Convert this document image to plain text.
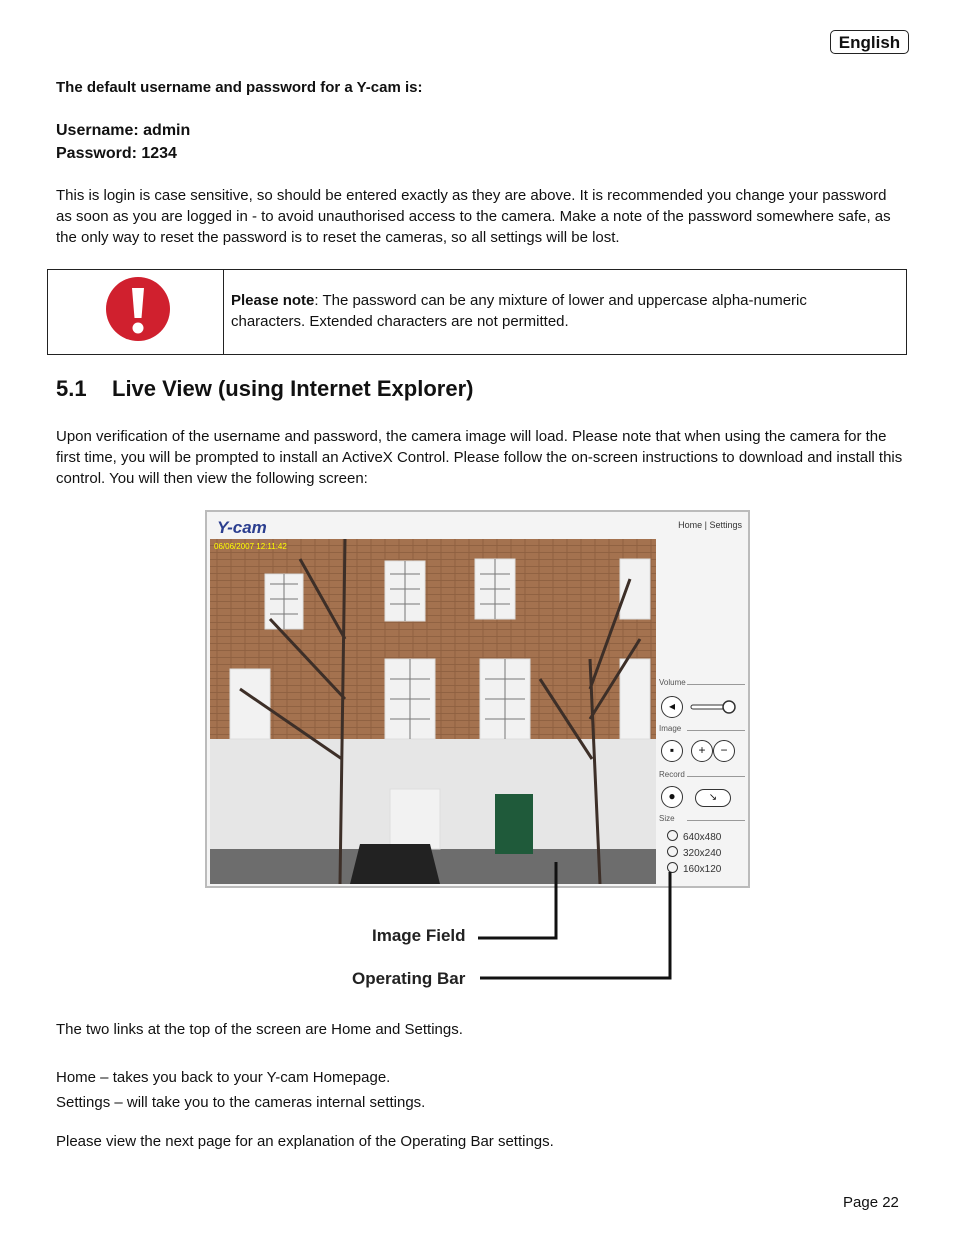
English
The default username and password for a Y-cam is:
Username: admin
Password: 1234
This is login is case sensitive, so should be entered exactly as they are above. It is recommended you change your password as soon as you are logged in - to avoid unauthorised access to the camera. Make a note of the password somewhere safe, as the only way to reset the password is to reset the cameras, so all settings will be lost.
Please note: The password can be any mixture of lower and uppercase alpha-numeric characters. Extended characters are not permitted.
5.1 Live View (using Internet Explorer)
Upon verification of the username and password, the camera image will load. Please note that when using the camera for the first time, you will be prompted to install an ActiveX Control. Please follow the on-screen instructions to download and install this control. You will then view the following screen:
Y-cam	Home | Settings
06/06/2007 12:11:42
Volume
◂
Image
▪	+	−
Record
●	↘
Size
640x480
320x240
160x120
Image Field
Operating Bar
The two links at the top of the screen are Home and Settings.
Home – takes you back to your Y-cam Homepage.
Settings – will take you to the cameras internal settings.
Please view the next page for an explanation of the Operating Bar settings.
Page 22
